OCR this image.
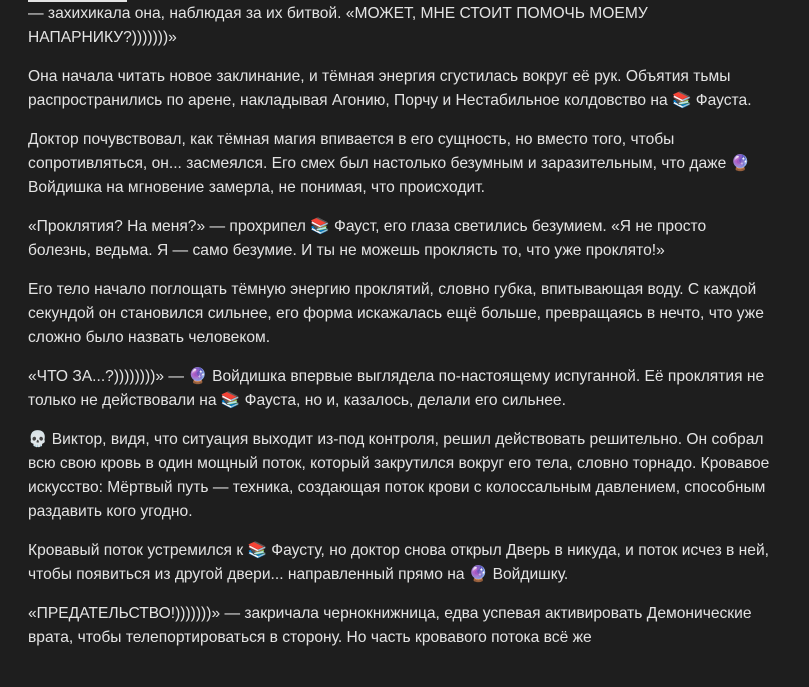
— захихикала она, наблюдая за их битвой. «МОЖЕТ, МНЕ СТОИТ ПОМОЧЬ МОЕМУ НАПАРНИКУ?)))))))»

Она начала читать новое заклинание, и тёмная энергия сгустилась вокруг её рук. Объятия тьмы распространились по арене, накладывая Агонию, Порчу и Нестабильное колдовство на 📚 Фауста.

Доктор почувствовал, как тёмная магия впивается в его сущность, но вместо того, чтобы сопротивляться, он... засмеялся. Его смех был настолько безумным и заразительным, что даже 🔮 Войдишка на мгновение замерла, не понимая, что происходит.

«Проклятия? На меня?» — прохрипел 📚 Фауст, его глаза светились безумием. «Я не просто болезнь, ведьма. Я — само безумие. И ты не можешь проклясть то, что уже проклято!»

Его тело начало поглощать тёмную энергию проклятий, словно губка, впитывающая воду. С каждой секундой он становился сильнее, его форма искажалась ещё больше, превращаясь в нечто, что уже сложно было назвать человеком.

«ЧТО ЗА...?))))))))» — 🔮 Войдишка впервые выглядела по-настоящему испуганной. Её проклятия не только не действовали на 📚 Фауста, но и, казалось, делали его сильнее.

💀 Виктор, видя, что ситуация выходит из-под контроля, решил действовать решительно. Он собрал всю свою кровь в один мощный поток, который закрутился вокруг его тела, словно торнадо. Кровавое искусство: Мёртвый путь — техника, создающая поток крови с колоссальным давлением, способным раздавить кого угодно.

Кровавый поток устремился к 📚 Фаусту, но доктор снова открыл Дверь в никуда, и поток исчез в ней, чтобы появиться из другой двери... направленный прямо на 🔮 Войдишку.

«ПРЕДАТЕЛЬСТВО!)))))))» — закричала чернокнижница, едва успевая активировать Демонические врата, чтобы телепортироваться в сторону. Но часть кровавого потока всё же
